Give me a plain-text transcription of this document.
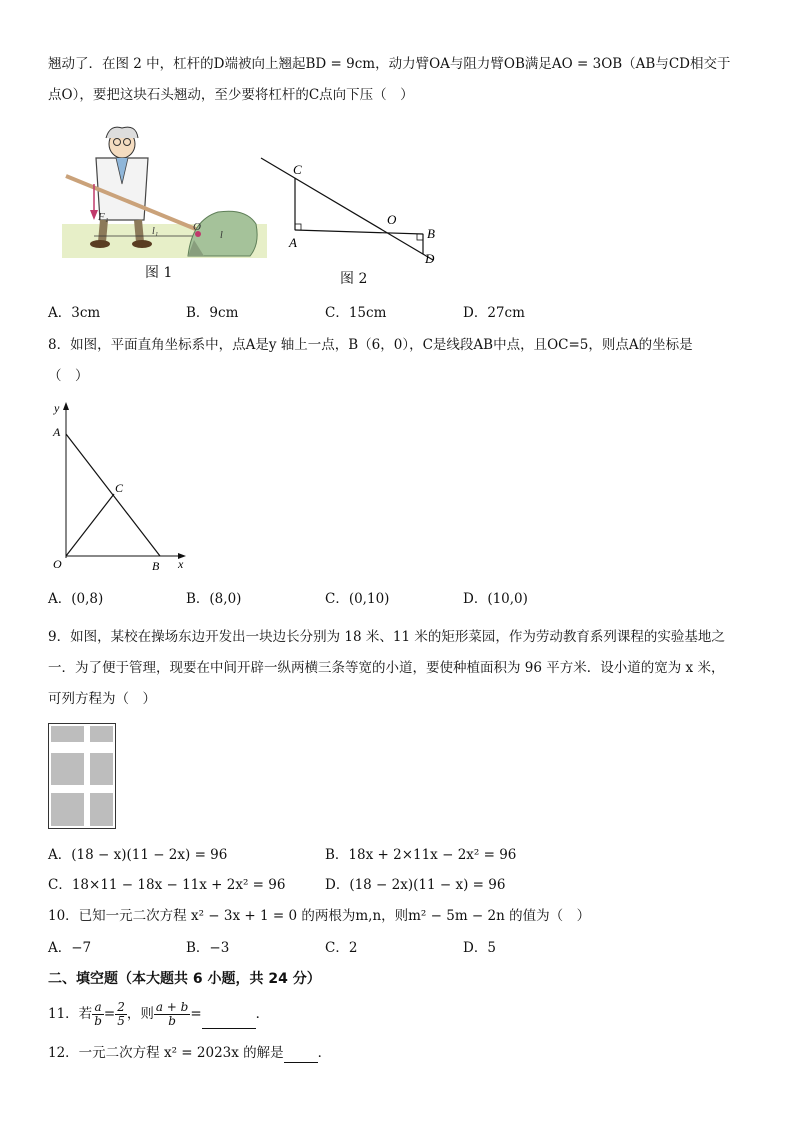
翘动了．在图 2 中，杠杆的D端被向上翘起BD = 9cm，动力臂OA与阻力臂OB满足AO = 3OB（AB与CD相交于
点O），要把这块石头翘动，至少要将杠杆的C点向下压（　）
F₁
l₁	O
l
图 1
C
A
O
B
D
图 2
A．3cm	B．9cm	C．15cm	D．27cm
8．如图，平面直角坐标系中，点A是y 轴上一点，B（6，0），C是线段AB中点，且OC=5，则点A的坐标是
（　）
y
A
C
O	B x
A．(0,8)	B．(8,0)	C．(0,10)	D．(10,0)
9．如图，某校在操场东边开发出一块边长分别为 18 米、11 米的矩形菜园，作为劳动教育系列课程的实验基地之
一．为了便于管理，现要在中间开辟一纵两横三条等宽的小道，要使种植面积为 96 平方米．设小道的宽为 x 米，
可列方程为（　）
A．(18 − x)(11 − 2x) = 96	B．18x + 2×11x − 2x² = 96
C．18×11 − 18x − 11x + 2x² = 96	D．(18 − 2x)(11 − x) = 96
10．已知一元二次方程 x² − 3x + 1 = 0 的两根为m,n，则m² − 5m − 2n 的值为（　）
A．−7	B．−3	C．2	D．5
二、填空题（本大题共 6 小题，共 24 分）
11．若 $\frac{a}{b} = \frac{2}{5}$ ，则 $\frac{a + b}{b}$ =	．
12．一元二次方程 x² = 2023x 的解是	．
